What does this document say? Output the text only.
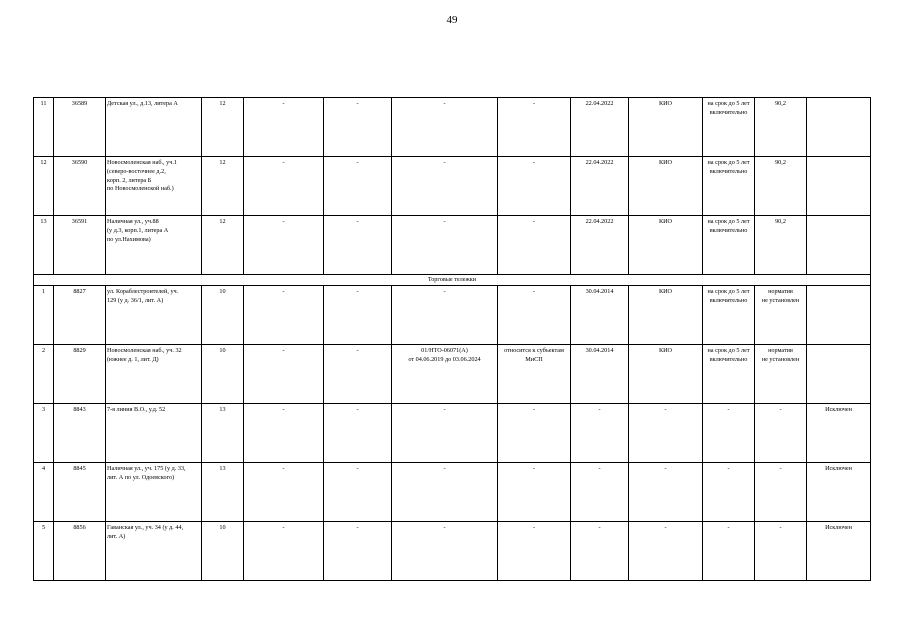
49
11	36589	Детская ул., д.13, литера А	12	-	-	-	-	22.04.2022	КИО	на срок до 5 лет
включительно	90,2	
12	36590	Новосмоленская наб., уч.1
(северо-восточнее д.2,
корп. 2, литера Б
по Новосмоленской наб.)	12	-	-	-	-	22.04.2022	КИО	на срок до 5 лет
включительно	90,2	
13	36591	Наличная ул., уч.88
(у д.3, корп.1, литера А
по ул.Нахимова)	12	-	-	-	-	22.04.2022	КИО	на срок до 5 лет
включительно	90,2	
Торговые тележки												
1	8827	ул. Кораблестроителей, уч.
129 (у д. 36/1, лит. А)	10	-	-	-	-	30.04.2014	КИО	на срок до 5 лет
включительно	норматив
не установлен	
2	8829	Новосмоленская наб., уч. 32
(южнее д. 1, лит. Д)	10	-	-	01/НТО-06071(А)
от 04.06.2019 до 03.06.2024	относится к субъектам
МиСП	30.04.2014	КИО	на срок до 5 лет
включительно	норматив
не установлен	
3	8843	7-я линия В.О., у.д. 52	13	-	-	-	-	-	-	-	-	Исключен
4	8845	Наличная ул., уч. 175 (у д. 33,
лит. А по ул. Одоевского)	13	-	-	-	-	-	-	-	-	Исключен
5	8856	Гаванская ул., уч. 34 (у д. 44,
лит. А)	10	-	-	-	-	-	-	-	-	Исключен
